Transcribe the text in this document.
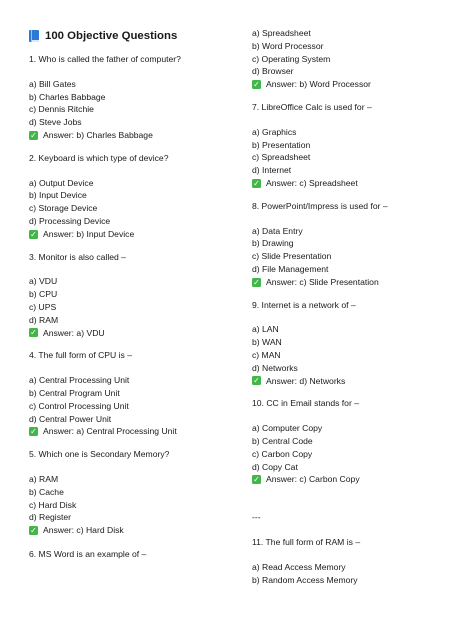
100 Objective Questions
1. Who is called the father of computer?
a) Bill Gates
b) Charles Babbage
c) Dennis Ritchie
d) Steve Jobs
✓ Answer: b) Charles Babbage
2. Keyboard is which type of device?
a) Output Device
b) Input Device
c) Storage Device
d) Processing Device
✓ Answer: b) Input Device
3. Monitor is also called –
a) VDU
b) CPU
c) UPS
d) RAM
✓ Answer: a) VDU
4. The full form of CPU is –
a) Central Processing Unit
b) Central Program Unit
c) Control Processing Unit
d) Central Power Unit
✓ Answer: a) Central Processing Unit
5. Which one is Secondary Memory?
a) RAM
b) Cache
c) Hard Disk
d) Register
✓ Answer: c) Hard Disk
6. MS Word is an example of –
a) Spreadsheet
b) Word Processor
c) Operating System
d) Browser
✓ Answer: b) Word Processor
7. LibreOffice Calc is used for –
a) Graphics
b) Presentation
c) Spreadsheet
d) Internet
✓ Answer: c) Spreadsheet
8. PowerPoint/Impress is used for –
a) Data Entry
b) Drawing
c) Slide Presentation
d) File Management
✓ Answer: c) Slide Presentation
9. Internet is a network of –
a) LAN
b) WAN
c) MAN
d) Networks
✓ Answer: d) Networks
10. CC in Email stands for –
a) Computer Copy
b) Central Code
c) Carbon Copy
d) Copy Cat
✓ Answer: c) Carbon Copy
---
11. The full form of RAM is –
a) Read Access Memory
b) Random Access Memory
